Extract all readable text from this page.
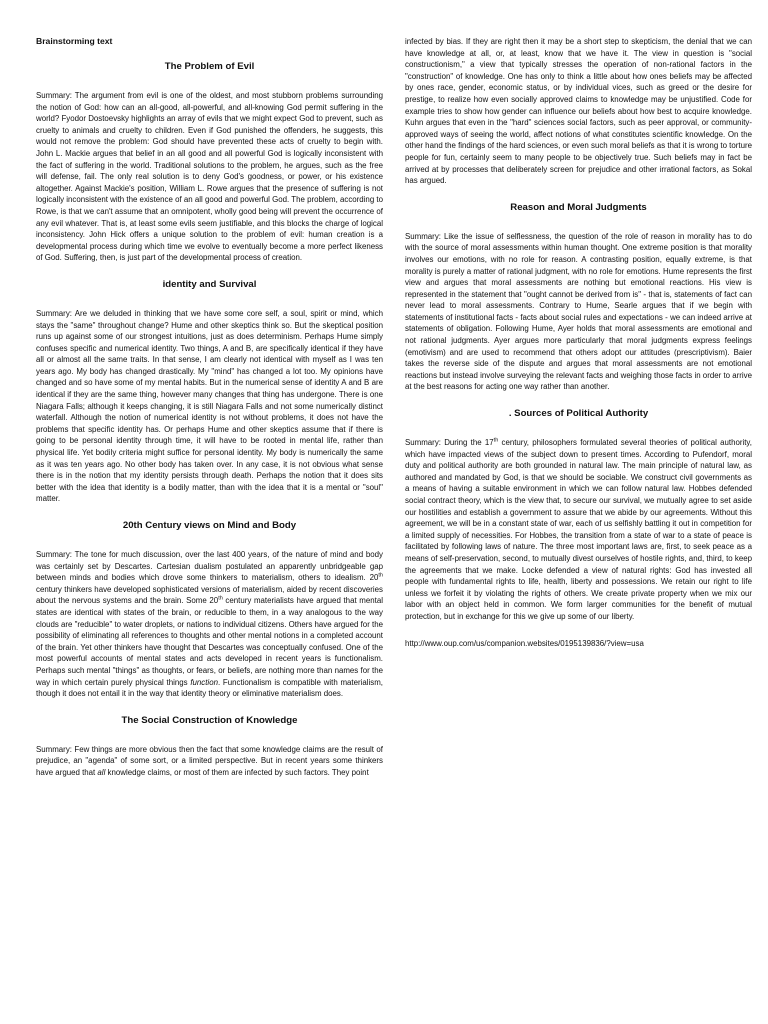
Brainstorming text
The Problem of Evil

Summary: The argument from evil is one of the oldest, and most stubborn problems surrounding the notion of God: how can an all-good, all-powerful, and all-knowing God permit suffering in the world? Fyodor Dostoevsky highlights an array of evils that we might expect God to prevent, such as cruelty to animals and cruelty to children. Even if God punished the offenders, he suggests, this would not remove the problem: God should have prevented these acts of cruelty to begin with. John L. Mackie argues that belief in an all good and all powerful God is logically inconsistent with the fact of suffering in the world. Traditional solutions to the problem, he argues, such as the free will defense, fail. The only real solution is to deny God's goodness, or power, or his existence altogether. Against Mackie's position, William L. Rowe argues that the presence of suffering is not logically inconsistent with the existence of an all good and powerful God. The problem, according to Rowe, is that we can't assume that an omnipotent, wholly good being will prevent the occurrence of any evil whatever. That is, at least some evils seem justifiable, and this blocks the charge of logical inconsistency. John Hick offers a unique solution to the problem of evil: human creation is a developmental process during which time we evolve to eventually become a more perfect likeness of God. Suffering, then, is just part of the developmental process of creation.

identity and Survival

Summary: Are we deluded in thinking that we have some core self, a soul, spirit or mind, which stays the "same" throughout change? Hume and other skeptics think so. But the skeptical position runs up against some of our strongest intuitions, just as does determinism. Perhaps Hume simply confuses specific and numerical identity. Two things, A and B, are specifically identical if they have all or almost all the same traits. In that sense, I am clearly not identical with myself as I was ten years ago. My body has changed drastically. My "mind" has changed a lot too. My opinions have changed and so have some of my mental habits. But in the numerical sense of identity A and B are identical if they are the same thing, however many changes that thing has undergone. There is one Niagara Falls; although it keeps changing, it is still Niagara Falls and not some numerically distinct waterfall. Although the notion of numerical identity is not without problems, it does not have the problems that specific identity has. Or perhaps Hume and other skeptics assume that if there is going to be personal identity through time, it will have to be rooted in mental life, rather than physical life. Yet bodily criteria might suffice for personal identity. My body is numerically the same as it was ten years ago. No other body has taken over. In any case, it is not obvious what sense there is in the notion that my identity persists through death. Perhaps the notion that it does sits better with the idea that identity is a bodily matter, than with the idea that it is a mental or "soul" matter.

20th Century views on Mind and Body

Summary: The tone for much discussion, over the last 400 years, of the nature of mind and body was certainly set by Descartes. Cartesian dualism postulated an apparently unbridgeable gap between minds and bodies which drove some thinkers to materialism, others to idealism. 20th century thinkers have developed sophisticated versions of materialism, aided by recent discoveries about the nervous systems and the brain. Some 20th century materialists have argued that mental states are identical with states of the brain, or reducible to them, in a way analogous to the way clouds are "reducible" to water droplets, or nations to individual citizens. Others have argued for the possibility of eliminating all references to thoughts and other mental notions in a completed account of the brain. Yet other thinkers have thought that Descartes was conceptually confused. One of the most powerful accounts of mental states and acts developed in recent years is functionalism. Perhaps such mental "things" as thoughts, or fears, or beliefs, are nothing more than names for the way in which certain purely physical things function. Functionalism is compatible with materialism, though it does not entail it in the way that identity theory or eliminative materialism does.

The Social Construction of Knowledge

Summary: Few things are more obvious then the fact that some knowledge claims are the result of prejudice, an "agenda" of some sort, or a limited perspective. But in recent years some thinkers have argued that all knowledge claims, or most of them are infected by such factors. They point

infected by bias. If they are right then it may be a short step to skepticism, the denial that we can have knowledge at all, or, at least, know that we have it. The view in question is "social constructionism," a view that typically stresses the operation of non-rational factors in the "construction" of knowledge. One has only to think a little about how ones beliefs may be affected by ones race, gender, economic status, or by individual vices, such as greed or the desire for prestige, to realize how even socially approved claims to knowledge may be unjustified. Code for example tries to show how gender can influence our beliefs about how best to acquire knowledge. Kuhn argues that even in the "hard" sciences social factors, such as peer approval, or community-approved ways of seeing the world, affect notions of what constitutes scientific knowledge. On the other hand the findings of the hard sciences, or even such moral beliefs as that it is wrong to torture people for fun, certainly seem to many people to be objectively true. Such beliefs may in fact be arrived at by processes that deliberately screen for prejudice and other irrational factors, as Sokal has argued.

Reason and Moral Judgments

Summary: Like the issue of selflessness, the question of the role of reason in morality has to do with the source of moral assessments within human thought. One extreme position is that morality involves our emotions, with no role for reason. A contrasting position, equally extreme, is that morality is purely a matter of rational judgment, with no role for emotions. Hume represents the first view and argues that moral assessments are nothing but emotional reactions. His view is represented in the statement that "ought cannot be derived from is" - that is, statements of fact can never lead to moral assessments. Contrary to Hume, Searle argues that if we begin with statements of institutional facts - facts about social rules and expectations - we can indeed arrive at statements of obligation. Following Hume, Ayer holds that moral assessments are emotional and not rational judgments. Ayer argues more particularly that moral judgments express feelings (emotivism) and are used to recommend that others adopt our attitudes (prescriptivism). Baier takes the reverse side of the dispute and argues that moral assessments are not emotional reactions but instead involve surveying the relevant facts and weighing those facts in order to arrive at the best reasons for acting one way rather than another.

. Sources of Political Authority

Summary: During the 17th century, philosophers formulated several theories of political authority, which have impacted views of the subject down to present times. According to Pufendorf, moral duty and political authority are both grounded in natural law. The main principle of natural law, as authored and mandated by God, is that we should be sociable. We construct civil governments as a means of having a suitable environment in which we can follow natural law. Hobbes defended social contract theory, which is the view that, to secure our survival, we mutually agree to set aside our hostilities and establish a government to assure that we abide by our agreements. Without this agreement, we will be in a constant state of war, each of us selfishly battling it out in competition for a limited supply of necessities. For Hobbes, the transition from a state of war to a state of peace is facilitated by following laws of nature. The three most important laws are, first, to seek peace as a means of self-preservation, second, to mutually divest ourselves of hostile rights, and, third, to keep the agreements that we make. Locke defended a view of natural rights: God has invested all people with fundamental rights to life, health, liberty and possessions. We retain our right to life unless we forfeit it by violating the rights of others. We create private property when we mix our labor with an object held in common. We form larger communities for the benefit of mutual protection, but in exchange for this we give up some of our liberty.

http://www.oup.com/us/companion.websites/0195139836/?view=usa
